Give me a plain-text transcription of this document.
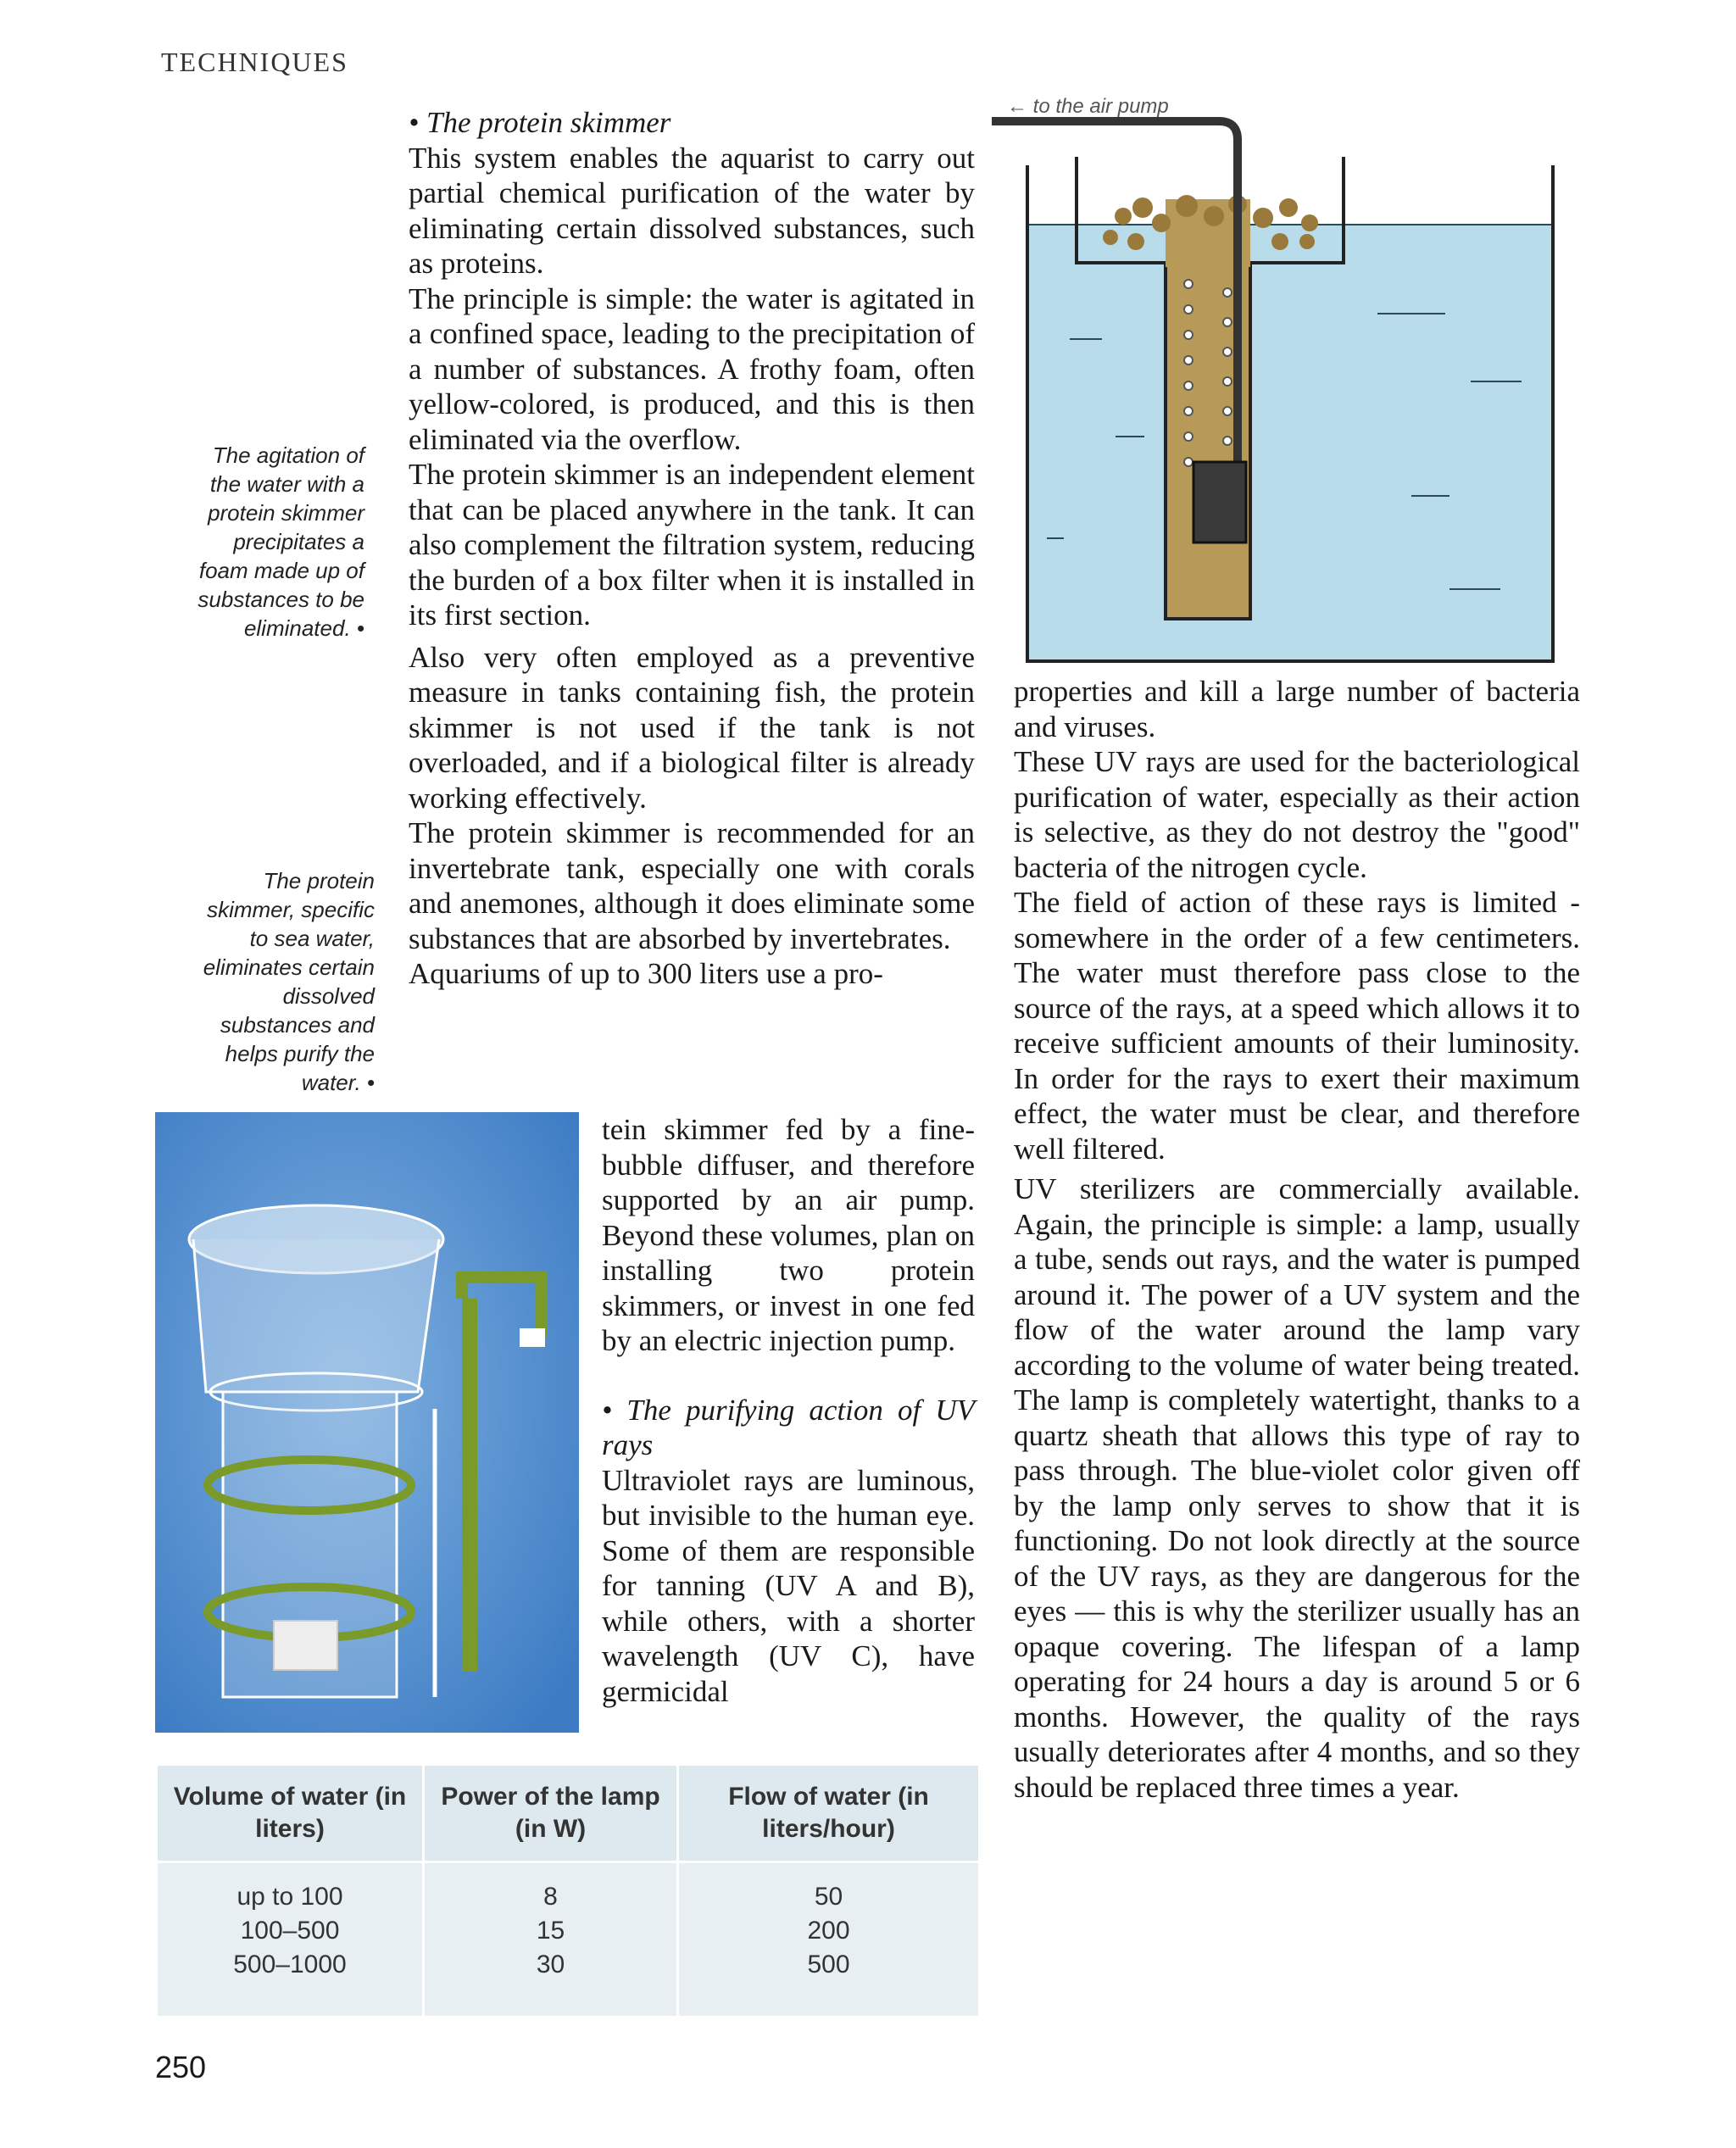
TECHNIQUES
The agitation of
the water with a
protein skimmer
precipitates a
foam made up of
substances to be
eliminated. •
The protein
skimmer, specific
to sea water,
eliminates certain
dissolved
substances and
helps purify the
water. •

• The protein skimmer

This system enables the aquarist to carry out partial chemical purification of the water by eliminating certain dissolved substances, such as proteins.

The principle is simple: the water is agitated in a confined space, leading to the precipitation of a number of substances. A frothy foam, often yellow-colored, is produced, and this is then eliminated via the overflow.

The protein skimmer is an independent element that can be placed anywhere in the tank. It can also complement the filtration system, reducing the burden of a box filter when it is installed in its first section.

Also very often employed as a preventive measure in tanks containing fish, the protein skimmer is not used if the tank is not overloaded, and if a biological filter is already working effectively.

The protein skimmer is recommended for an invertebrate tank, especially one with corals and anemones, although it does eliminate some substances that are absorbed by invertebrates.

Aquariums of up to 300 liters use a pro-

tein skimmer fed by a fine-bubble diffuser, and therefore supported by an air pump. Beyond these volumes, plan on installing two protein skimmers, or invest in one fed by an electric injection pump.

• The purifying action of UV rays

Ultraviolet rays are luminous, but invisible to the human eye. Some of them are responsible for tanning (UV A and B), while others, with a shorter wavelength (UV C), have germicidal

properties and kill a large number of bacteria and viruses.

These UV rays are used for the bacteriological purification of water, especially as their action is selective, as they do not destroy the "good" bacteria of the nitrogen cycle.

The field of action of these rays is limited - somewhere in the order of a few centimeters. The water must therefore pass close to the source of the rays, at a speed which allows it to receive sufficient amounts of their luminosity. In order for the rays to exert their maximum effect, the water must be clear, and therefore well filtered.

UV sterilizers are commercially available. Again, the principle is simple: a lamp, usually a tube, sends out rays, and the water is pumped around it. The power of a UV system and the flow of the water around the lamp vary according to the volume of water being treated. The lamp is completely watertight, thanks to a quartz sheath that allows this type of ray to pass through. The blue-violet color given off by the lamp only serves to show that it is functioning. Do not look directly at the source of the UV rays, as they are dangerous for the eyes — this is why the sterilizer usually has an opaque covering. The lifespan of a lamp operating for 24 hours a day is around 5 or 6 months. However, the quality of the rays usually deteriorates after 4 months, and so they should be replaced three times a year.

← to the air pump
Volume of water (in liters)	Power of the lamp (in W)	Flow of water (in liters/hour)

up to 100	8	50
100–500	15	200
500–1000	30	500
250
